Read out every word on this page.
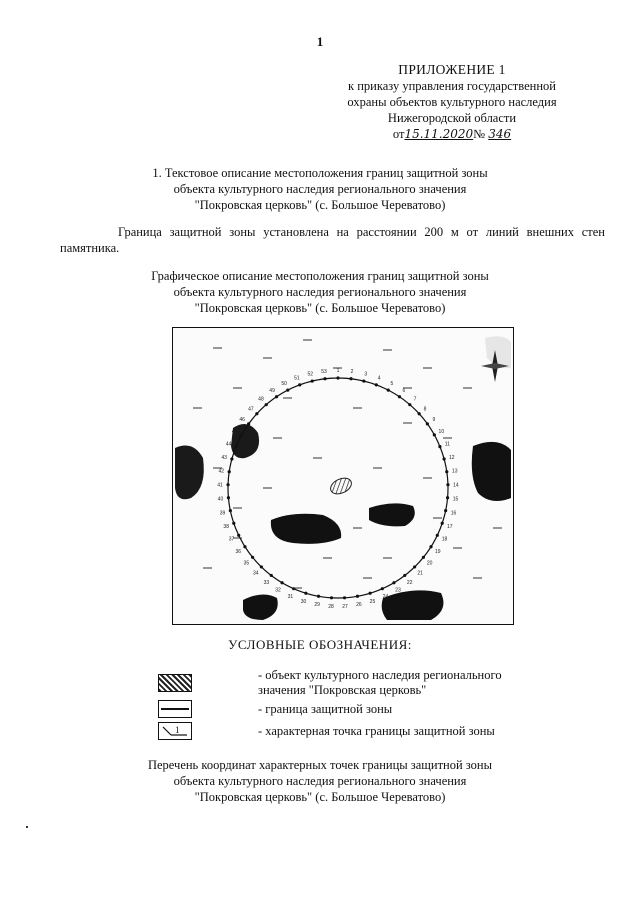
1
ПРИЛОЖЕНИЕ 1
к приказу управления государственной
охраны объектов культурного наследия
Нижегородской области
от15.11.2020№ 346
1. Текстовое описание местоположения границ защитной зоны
объекта культурного наследия регионального значения
"Покровская церковь" (с. Большое Череватово)
Граница защитной зоны установлена на расстоянии 200 м от линий внешних стен памятника.
Графическое описание местоположения границ защитной зоны
объекта культурного наследия регионального значения
"Покровская церковь" (с. Большое Череватово)
1 2 3
4
5
6
7
8
9
10
11
12
13
14
15
16
17
18
19
20
21
22
23
24
25
26
27
28
29
30
31
32
33
34
35
36
37
38
39
40
41
42
43
44
45
46
47
48
49
50
51
52 53
УСЛОВНЫЕ ОБОЗНАЧЕНИЯ:
- объект культурного наследия регионального
значения "Покровская церковь"
- граница защитной зоны
1	- характерная точка границы защитной зоны
Перечень координат характерных точек границы защитной зоны
объекта культурного наследия регионального значения
"Покровская церковь" (с. Большое Череватово)
